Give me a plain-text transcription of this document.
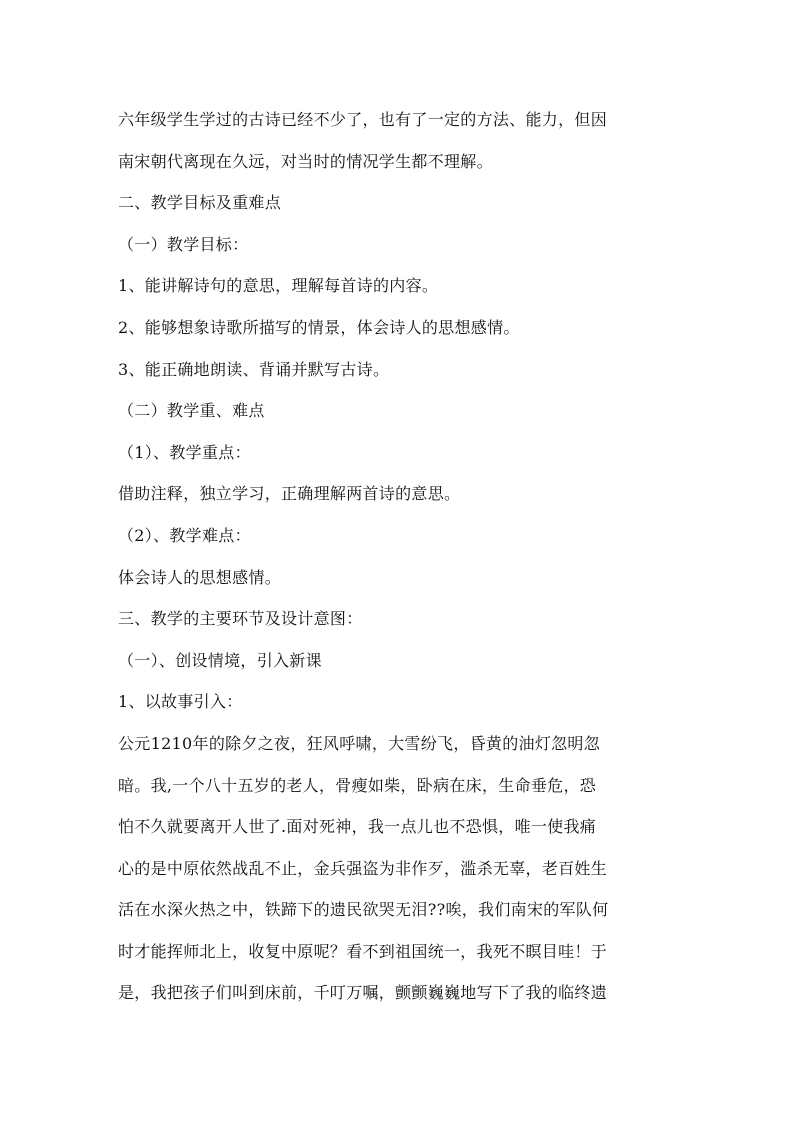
六年级学生学过的古诗已经不少了，也有了一定的方法、能力，但因
南宋朝代离现在久远，对当时的情况学生都不理解。
二、教学目标及重难点
（一）教学目标：
1、能讲解诗句的意思，理解每首诗的内容。
2、能够想象诗歌所描写的情景，体会诗人的思想感情。
3、能正确地朗读、背诵并默写古诗。
（二）教学重、难点
（1）、教学重点：
借助注释，独立学习，正确理解两首诗的意思。
（2）、教学难点：
体会诗人的思想感情。
三、教学的主要环节及设计意图：
（一）、创设情境，引入新课
1、以故事引入：
公元1210年的除夕之夜，狂风呼啸，大雪纷飞，昏黄的油灯忽明忽
暗。我,一个八十五岁的老人，骨瘦如柴，卧病在床，生命垂危，恐
怕不久就要离开人世了.面对死神，我一点儿也不恐惧，唯一使我痛
心的是中原依然战乱不止，金兵强盗为非作歹，滥杀无辜，老百姓生
活在水深火热之中，铁蹄下的遗民欲哭无泪??唉，我们南宋的军队何
时才能挥师北上，收复中原呢？看不到祖国统一，我死不瞑目哇！于
是，我把孩子们叫到床前，千叮万嘱，颤颤巍巍地写下了我的临终遗
